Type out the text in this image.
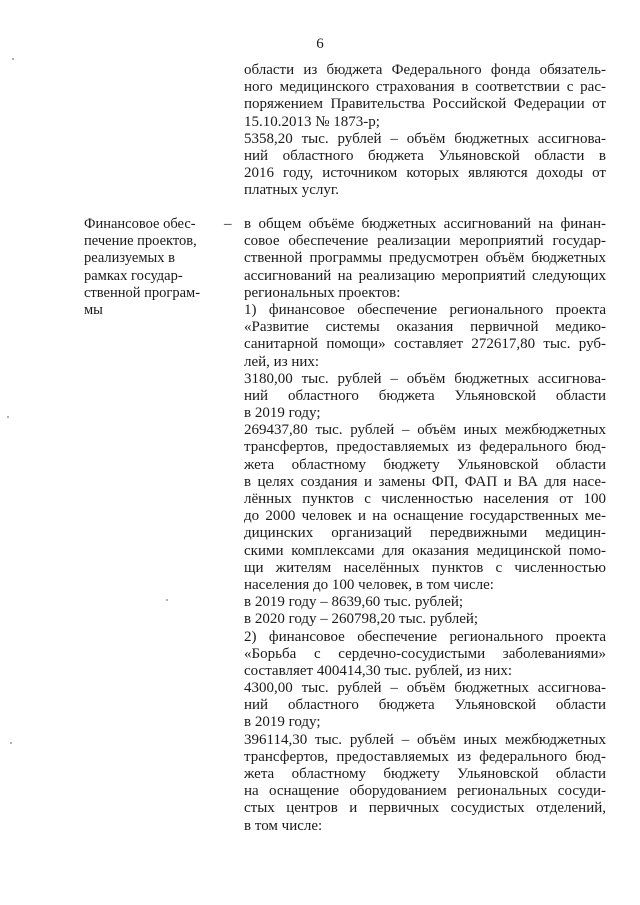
6
области из бюджета Федерального фонда обязатель-
ного медицинского страхования в соответствии с рас-
поряжением Правительства Российской Федерации от
15.10.2013 № 1873-р;
5358,20 тыс. рублей – объём бюджетных ассигнова-
ний областного бюджета Ульяновской области в
2016 году, источником которых являются доходы от
платных услуг.
Финансовое обес-
печение проектов,
реализуемых в
рамках государ-
ственной програм-
мы
– в общем объёме бюджетных ассигнований на финан-
совое обеспечение реализации мероприятий государ-
ственной программы предусмотрен объём бюджетных
ассигнований на реализацию мероприятий следующих
региональных проектов:
1) финансовое обеспечение регионального проекта
«Развитие системы оказания первичной медико-
санитарной помощи» составляет 272617,80 тыс. руб-
лей, из них:
3180,00 тыс. рублей – объём бюджетных ассигнова-
ний областного бюджета Ульяновской области
в 2019 году;
269437,80 тыс. рублей – объём иных межбюджетных
трансфертов, предоставляемых из федерального бюд-
жета областному бюджету Ульяновской области
в целях создания и замены ФП, ФАП и ВА для насе-
лённых пунктов с численностью населения от 100
до 2000 человек и на оснащение государственных ме-
дицинских организаций передвижными медицин-
скими комплексами для оказания медицинской помо-
щи жителям населённых пунктов с численностью
населения до 100 человек, в том числе:
в 2019 году – 8639,60 тыс. рублей;
в 2020 году – 260798,20 тыс. рублей;
2) финансовое обеспечение регионального проекта
«Борьба с сердечно-сосудистыми заболеваниями»
составляет 400414,30 тыс. рублей, из них:
4300,00 тыс. рублей – объём бюджетных ассигнова-
ний областного бюджета Ульяновской области
в 2019 году;
396114,30 тыс. рублей – объём иных межбюджетных
трансфертов, предоставляемых из федерального бюд-
жета областному бюджету Ульяновской области
на оснащение оборудованием региональных сосуди-
стых центров и первичных сосудистых отделений,
в том числе:
